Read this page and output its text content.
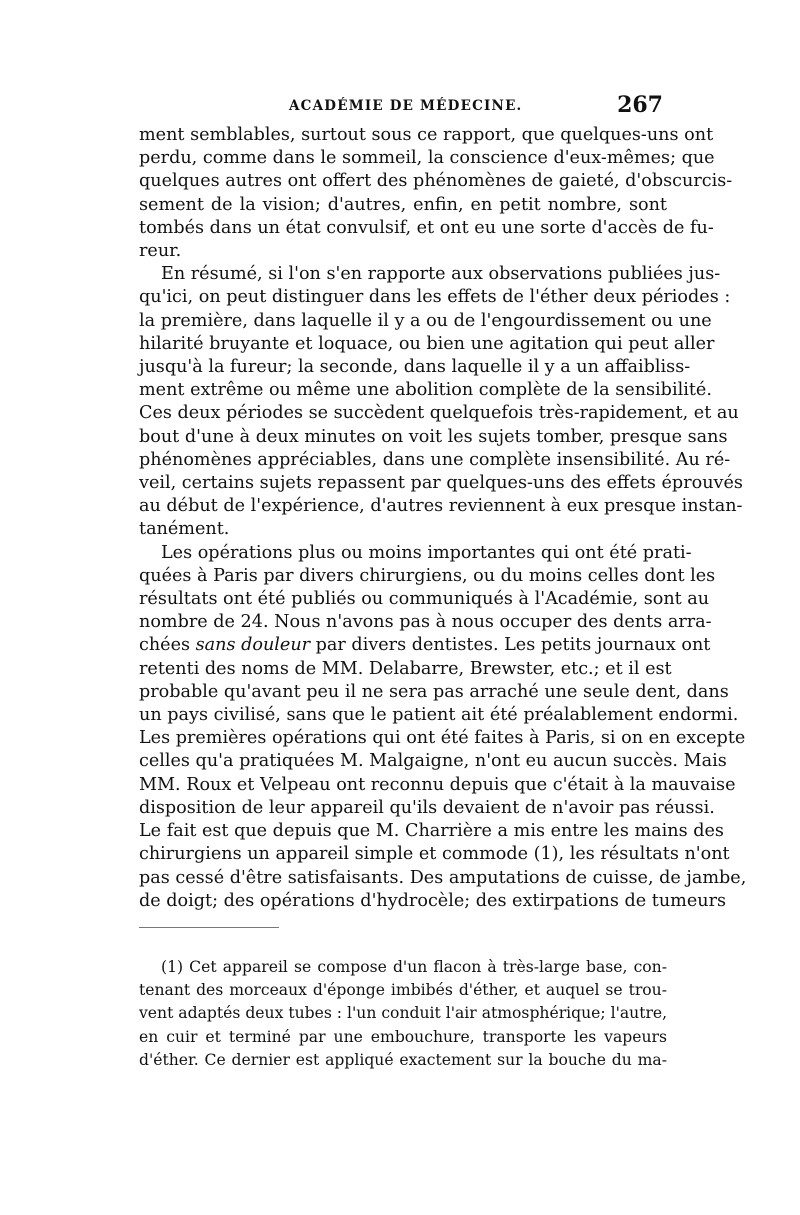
ACADÉMIE DE MÉDECINE.	267

ment semblables, surtout sous ce rapport, que quelques-uns ont
perdu, comme dans le sommeil, la conscience d'eux-mêmes; que
quelques autres ont offert des phénomènes de gaieté, d'obscurcis-
sement de la vision; d'autres, enfin, en petit nombre, sont
tombés dans un état convulsif, et ont eu une sorte d'accès de fu-
reur.

En résumé, si l'on s'en rapporte aux observations publiées jus-
qu'ici, on peut distinguer dans les effets de l'éther deux périodes :
la première, dans laquelle il y a ou de l'engourdissement ou une
hilarité bruyante et loquace, ou bien une agitation qui peut aller
jusqu'à la fureur; la seconde, dans laquelle il y a un affaibliss-
ment extrême ou même une abolition complète de la sensibilité.
Ces deux périodes se succèdent quelquefois très-rapidement, et au
bout d'une à deux minutes on voit les sujets tomber, presque sans
phénomènes appréciables, dans une complète insensibilité. Au ré-
veil, certains sujets repassent par quelques-uns des effets éprouvés
au début de l'expérience, d'autres reviennent à eux presque instan-
tanément.

Les opérations plus ou moins importantes qui ont été prati-
quées à Paris par divers chirurgiens, ou du moins celles dont les
résultats ont été publiés ou communiqués à l'Académie, sont au
nombre de 24. Nous n'avons pas à nous occuper des dents arra-
chées sans douleur par divers dentistes. Les petits journaux ont
retenti des noms de MM. Delabarre, Brewster, etc.; et il est
probable qu'avant peu il ne sera pas arraché une seule dent, dans
un pays civilisé, sans que le patient ait été préalablement endormi.
Les premières opérations qui ont été faites à Paris, si on en excepte
celles qu'a pratiquées M. Malgaigne, n'ont eu aucun succès. Mais
MM. Roux et Velpeau ont reconnu depuis que c'était à la mauvaise
disposition de leur appareil qu'ils devaient de n'avoir pas réussi.
Le fait est que depuis que M. Charrière a mis entre les mains des
chirurgiens un appareil simple et commode (1), les résultats n'ont
pas cessé d'être satisfaisants. Des amputations de cuisse, de jambe,
de doigt; des opérations d'hydrocèle; des extirpations de tumeurs

(1) Cet appareil se compose d'un flacon à très-large base, con-
tenant des morceaux d'éponge imbibés d'éther, et auquel se trou-
vent adaptés deux tubes : l'un conduit l'air atmosphérique; l'autre,
en cuir et terminé par une embouchure, transporte les vapeurs
d'éther. Ce dernier est appliqué exactement sur la bouche du ma-
